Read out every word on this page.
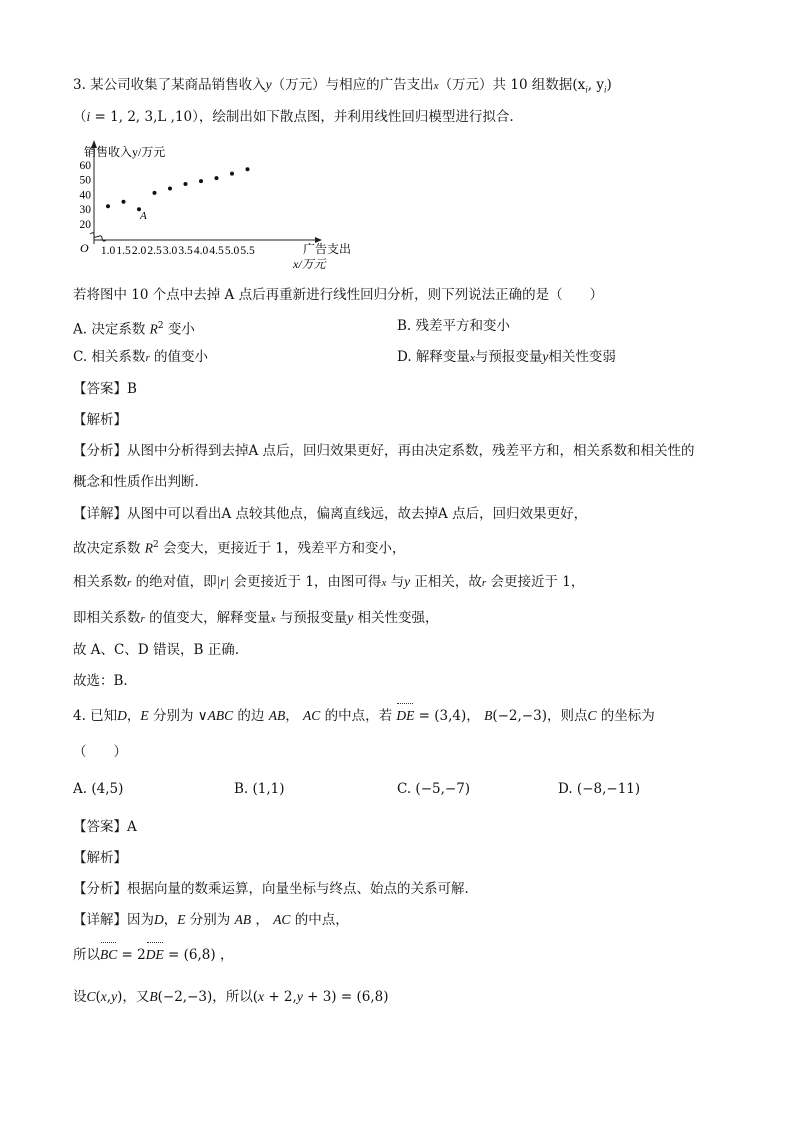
3. 某公司收集了某商品销售收入y（万元）与相应的广告支出x（万元）共 10 组数据($x_i$, $y_i$)
（i = 1, 2, 3,L ,10），绘制出如下散点图，并利用线性回归模型进行拟合.
销售收入y/万元
O
20
30
40
50
60
1.0 1.5 2.0 2.5 3.0 3.5 4.0 4.5 5.0 5.5	广告支出
x/万元
A
若将图中 10 个点中去掉 A 点后再重新进行线性回归分析，则下列说法正确的是（　　）
A. 决定系数 $R^2$ 变小	B. 残差平方和变小
C. 相关系数r 的值变小	D. 解释变量x与预报变量y相关性变弱
【答案】B
【解析】
【分析】从图中分析得到去掉A 点后，回归效果更好，再由决定系数，残差平方和，相关系数和相关性的
概念和性质作出判断.
【详解】从图中可以看出A 点较其他点，偏离直线远，故去掉A 点后，回归效果更好，
故决定系数 $R^2$ 会变大，更接近于 1，残差平方和变小，
相关系数r 的绝对值，即|r| 会更接近于 1，由图可得x 与y 正相关，故r 会更接近于 1，
即相关系数r 的值变大，解释变量x 与预报变量y 相关性变强，
故 A、C、D 错误，B 正确.
故选：B.
4. 已知D，E 分别为 ∨ABC 的边 AB， AC 的中点，若 DE = (3,4)， B(−2,−3)，则点C 的坐标为
（　　）
A. (4,5)	B. (1,1)	C. (−5,−7)	D. (−8,−11)
【答案】A
【解析】
【分析】根据向量的数乘运算，向量坐标与终点、始点的关系可解.
【详解】因为D，E 分别为 AB ， AC 的中点，
所以BC = 2DE = (6,8) ，
设C(x,y)，又B(−2,−3)，所以(x + 2,y + 3) = (6,8)
